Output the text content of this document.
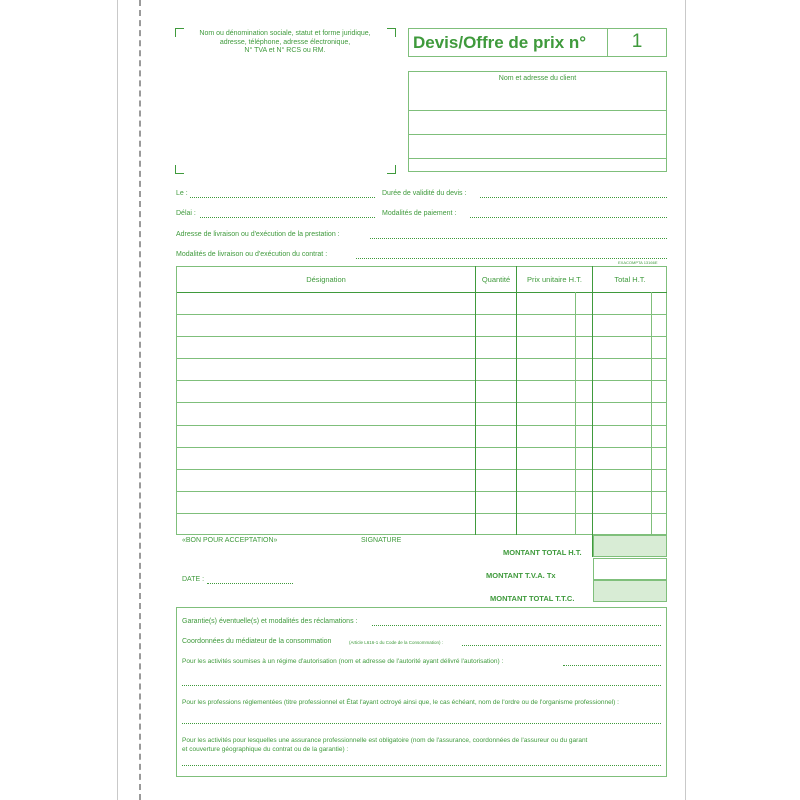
Nom ou dénomination sociale, statut et forme juridique,
adresse, téléphone, adresse électronique,
N° TVA et N° RCS ou RM.	Devis/Offre de prix n°	1
Nom et adresse du client
Le :	Durée de validité du devis :
Délai :	Modalités de paiement :
Adresse de livraison ou d'exécution de la prestation :
Modalités de livraison ou d'exécution du contrat :
EXACOMPTA 13166E
Désignation	Quantité	Prix unitaire H.T.	Total H.T.
MONTANT TOTAL H.T.
MONTANT T.V.A. Tx
MONTANT TOTAL T.T.C.
«BON POUR ACCEPTATION»	SIGNATURE
DATE :
Garantie(s) éventuelle(s) et modalités des réclamations :
Coordonnées du médiateur de la consommation	(Article L616-1 du Code de la Consommation) :
Pour les activités soumises à un régime d'autorisation (nom et adresse de l'autorité ayant délivré l'autorisation) :
Pour les professions réglementées (titre professionnel et État l'ayant octroyé ainsi que, le cas échéant, nom de l'ordre ou de l'organisme professionnel) :
Pour les activités pour lesquelles une assurance professionnelle est obligatoire (nom de l'assurance, coordonnées de l'assureur ou du garant
et couverture géographique du contrat ou de la garantie) :
